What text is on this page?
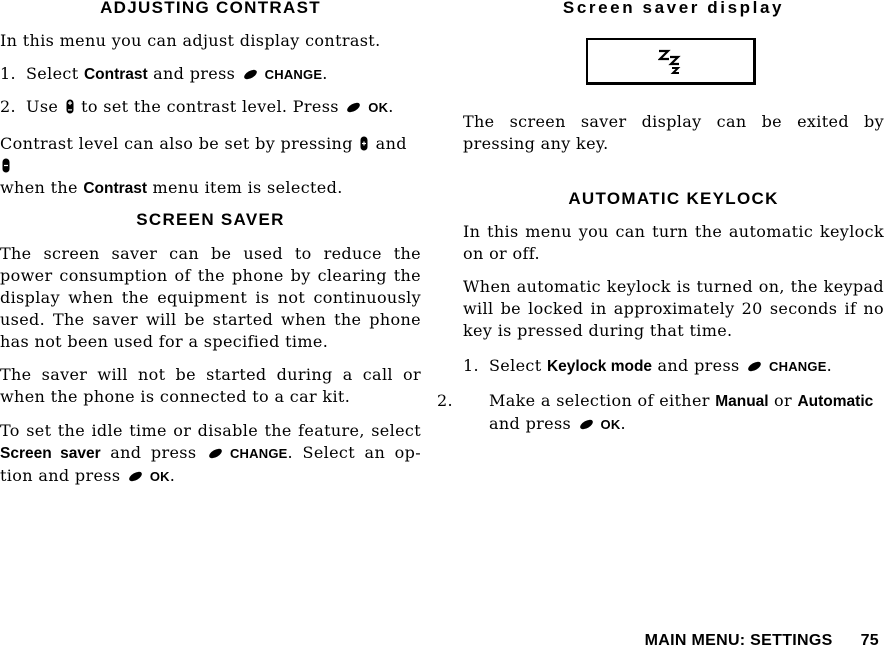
ADJUSTING CONTRAST

In this menu you can adjust display contrast.

1. Select Contrast and press CHANGE.

2. Use  to set the contrast level. Press OK.

Contrast level can also be set by pressing  and
when the Contrast menu item is selected.

SCREEN SAVER

The screen saver can be used to reduce the power consumption of the phone by clearing the display when the equipment is not continuously used. The saver will be started when the phone has not been used for a specified time.

The saver will not be started during a call or when the phone is connected to a car kit.

To set the idle time or disable the feature, select Screen saver and press CHANGE. Select an op-tion and press OK.

Screen saver display

The screen saver display can be exited by pressing any key.

AUTOMATIC KEYLOCK

In this menu you can turn the automatic keylock on or off.

When automatic keylock is turned on, the keypad will be locked in approximately 20 seconds if no key is pressed during that time.

1. Select Keylock mode and press CHANGE.

2. Make a selection of either Manual or Automatic
and press OK.

MAIN MENU: SETTINGS 75
